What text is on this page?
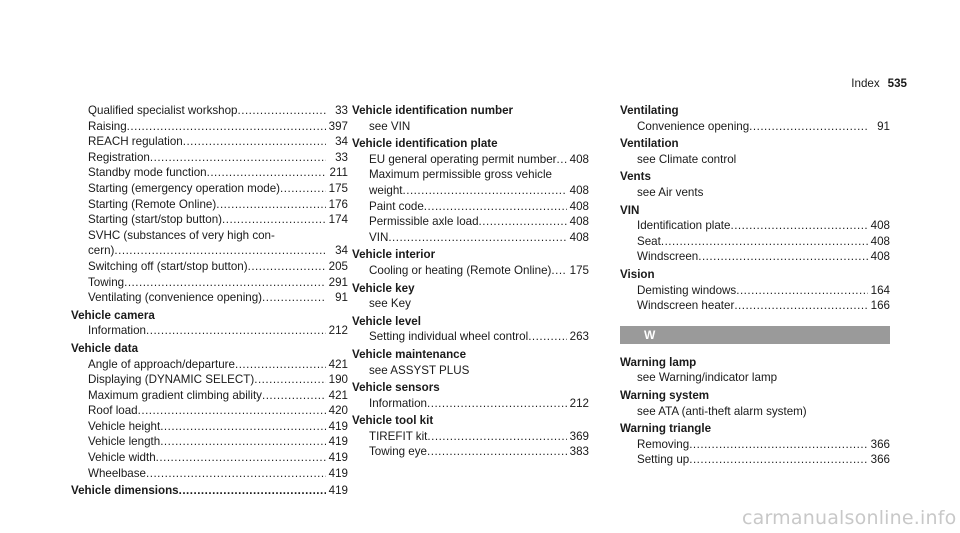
Index 535
Qualified specialist workshop .....	33
Raising .....	397
REACH regulation .....	34
Registration .....	33
Standby mode function .....	211
Starting (emergency operation mode) .....	175
Starting (Remote Online) .....	176
Starting (start/stop button) .....	174
SVHC (substances of very high con-
cern) .....	34
Switching off (start/stop button) .....	205
Towing .....	291
Ventilating (convenience opening) .....	91
Vehicle camera
Information .....	212
Vehicle data
Angle of approach/departure .....	421
Displaying (DYNAMIC SELECT) .....	190
Maximum gradient climbing ability .....	421
Roof load .....	420
Vehicle height .....	419
Vehicle length .....	419
Vehicle width .....	419
Wheelbase .....	419
Vehicle dimensions .....	419
Vehicle identification number
see VIN
Vehicle identification plate
EU general operating permit number ..... 408
Maximum permissible gross vehicle
weight .....	408
Paint code .....	408
Permissible axle load .....	408
VIN .....	408
Vehicle interior
Cooling or heating (Remote Online) ..... 175
Vehicle key
see Key
Vehicle level
Setting individual wheel control .....	263
Vehicle maintenance
see ASSYST PLUS
Vehicle sensors
Information .....	212
Vehicle tool kit
TIREFIT kit .....	369
Towing eye .....	383
Ventilating
Convenience opening .....	91
Ventilation
see Climate control
Vents
see Air vents
VIN
Identification plate .....	408
Seat .....	408
Windscreen .....	408
Vision
Demisting windows .....	164
Windscreen heater .....	166
W
Warning lamp
see Warning/indicator lamp
Warning system
see ATA (anti-theft alarm system)
Warning triangle
Removing .....	366
Setting up .....	366
carmanualsonline.info
